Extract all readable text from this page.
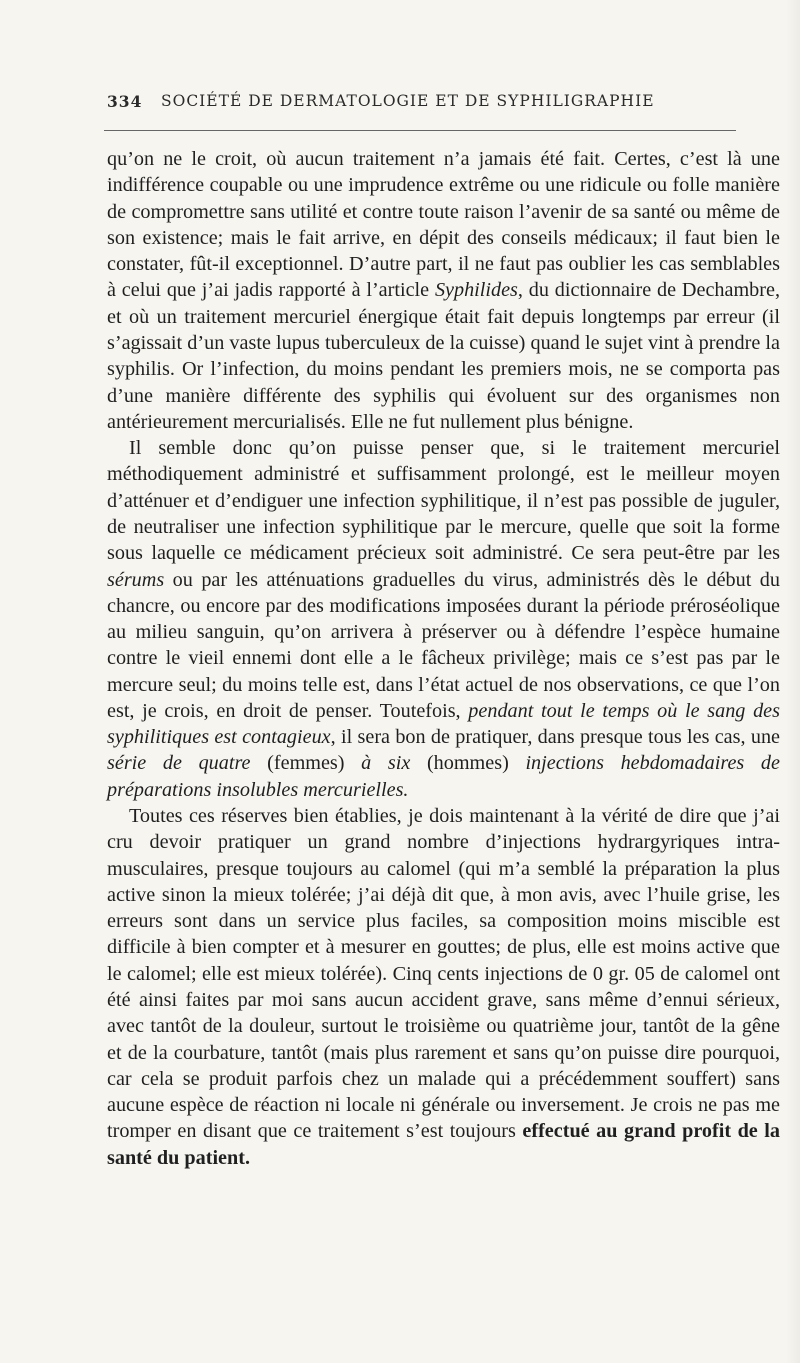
334 SOCIÉTÉ DE DERMATOLOGIE ET DE SYPHILIGRAPHIE

qu’on ne le croit, où aucun traitement n’a jamais été fait. Certes, c’est là une indifférence coupable ou une imprudence extrême ou une ridicule ou folle manière de compromettre sans utilité et contre toute raison l’avenir de sa santé ou même de son existence; mais le fait arrive, en dépit des conseils médicaux; il faut bien le constater, fût-il exceptionnel. D’autre part, il ne faut pas oublier les cas semblables à celui que j’ai jadis rapporté à l’article Syphilides, du dictionnaire de Dechambre, et où un traitement mercuriel énergique était fait depuis longtemps par erreur (il s’agissait d’un vaste lupus tuberculeux de la cuisse) quand le sujet vint à prendre la syphilis. Or l’infection, du moins pendant les premiers mois, ne se comporta pas d’une manière différente des syphilis qui évoluent sur des organismes non antérieurement mercurialisés. Elle ne fut nullement plus bénigne.

Il semble donc qu’on puisse penser que, si le traitement mercuriel méthodiquement administré et suffisamment prolongé, est le meilleur moyen d’atténuer et d’endiguer une infection syphilitique, il n’est pas possible de juguler, de neutraliser une infection syphilitique par le mercure, quelle que soit la forme sous laquelle ce médicament précieux soit administré. Ce sera peut-être par les sérums ou par les atténuations graduelles du virus, administrés dès le début du chancre, ou encore par des modifications imposées durant la période préroséolique au milieu sanguin, qu’on arrivera à préserver ou à défendre l’espèce humaine contre le vieil ennemi dont elle a le fâcheux privilège; mais ce s’est pas par le mercure seul; du moins telle est, dans l’état actuel de nos observations, ce que l’on est, je crois, en droit de penser. Toutefois, pendant tout le temps où le sang des syphilitiques est contagieux, il sera bon de pratiquer, dans presque tous les cas, une série de quatre (femmes) à six (hommes) injections hebdomadaires de préparations insolubles mercurielles.

Toutes ces réserves bien établies, je dois maintenant à la vérité de dire que j’ai cru devoir pratiquer un grand nombre d’injections hydrargyriques intra-musculaires, presque toujours au calomel (qui m’a semblé la préparation la plus active sinon la mieux tolérée; j’ai déjà dit que, à mon avis, avec l’huile grise, les erreurs sont dans un service plus faciles, sa composition moins miscible est difficile à bien compter et à mesurer en gouttes; de plus, elle est moins active que le calomel; elle est mieux tolérée). Cinq cents injections de 0 gr. 05 de calomel ont été ainsi faites par moi sans aucun accident grave, sans même d’ennui sérieux, avec tantôt de la douleur, surtout le troisième ou quatrième jour, tantôt de la gêne et de la courbature, tantôt (mais plus rarement et sans qu’on puisse dire pourquoi, car cela se produit parfois chez un malade qui a précédemment souffert) sans aucune espèce de réaction ni locale ni générale ou inversement. Je crois ne pas me tromper en disant que ce traitement s’est toujours effectué au grand profit de la santé du patient.
